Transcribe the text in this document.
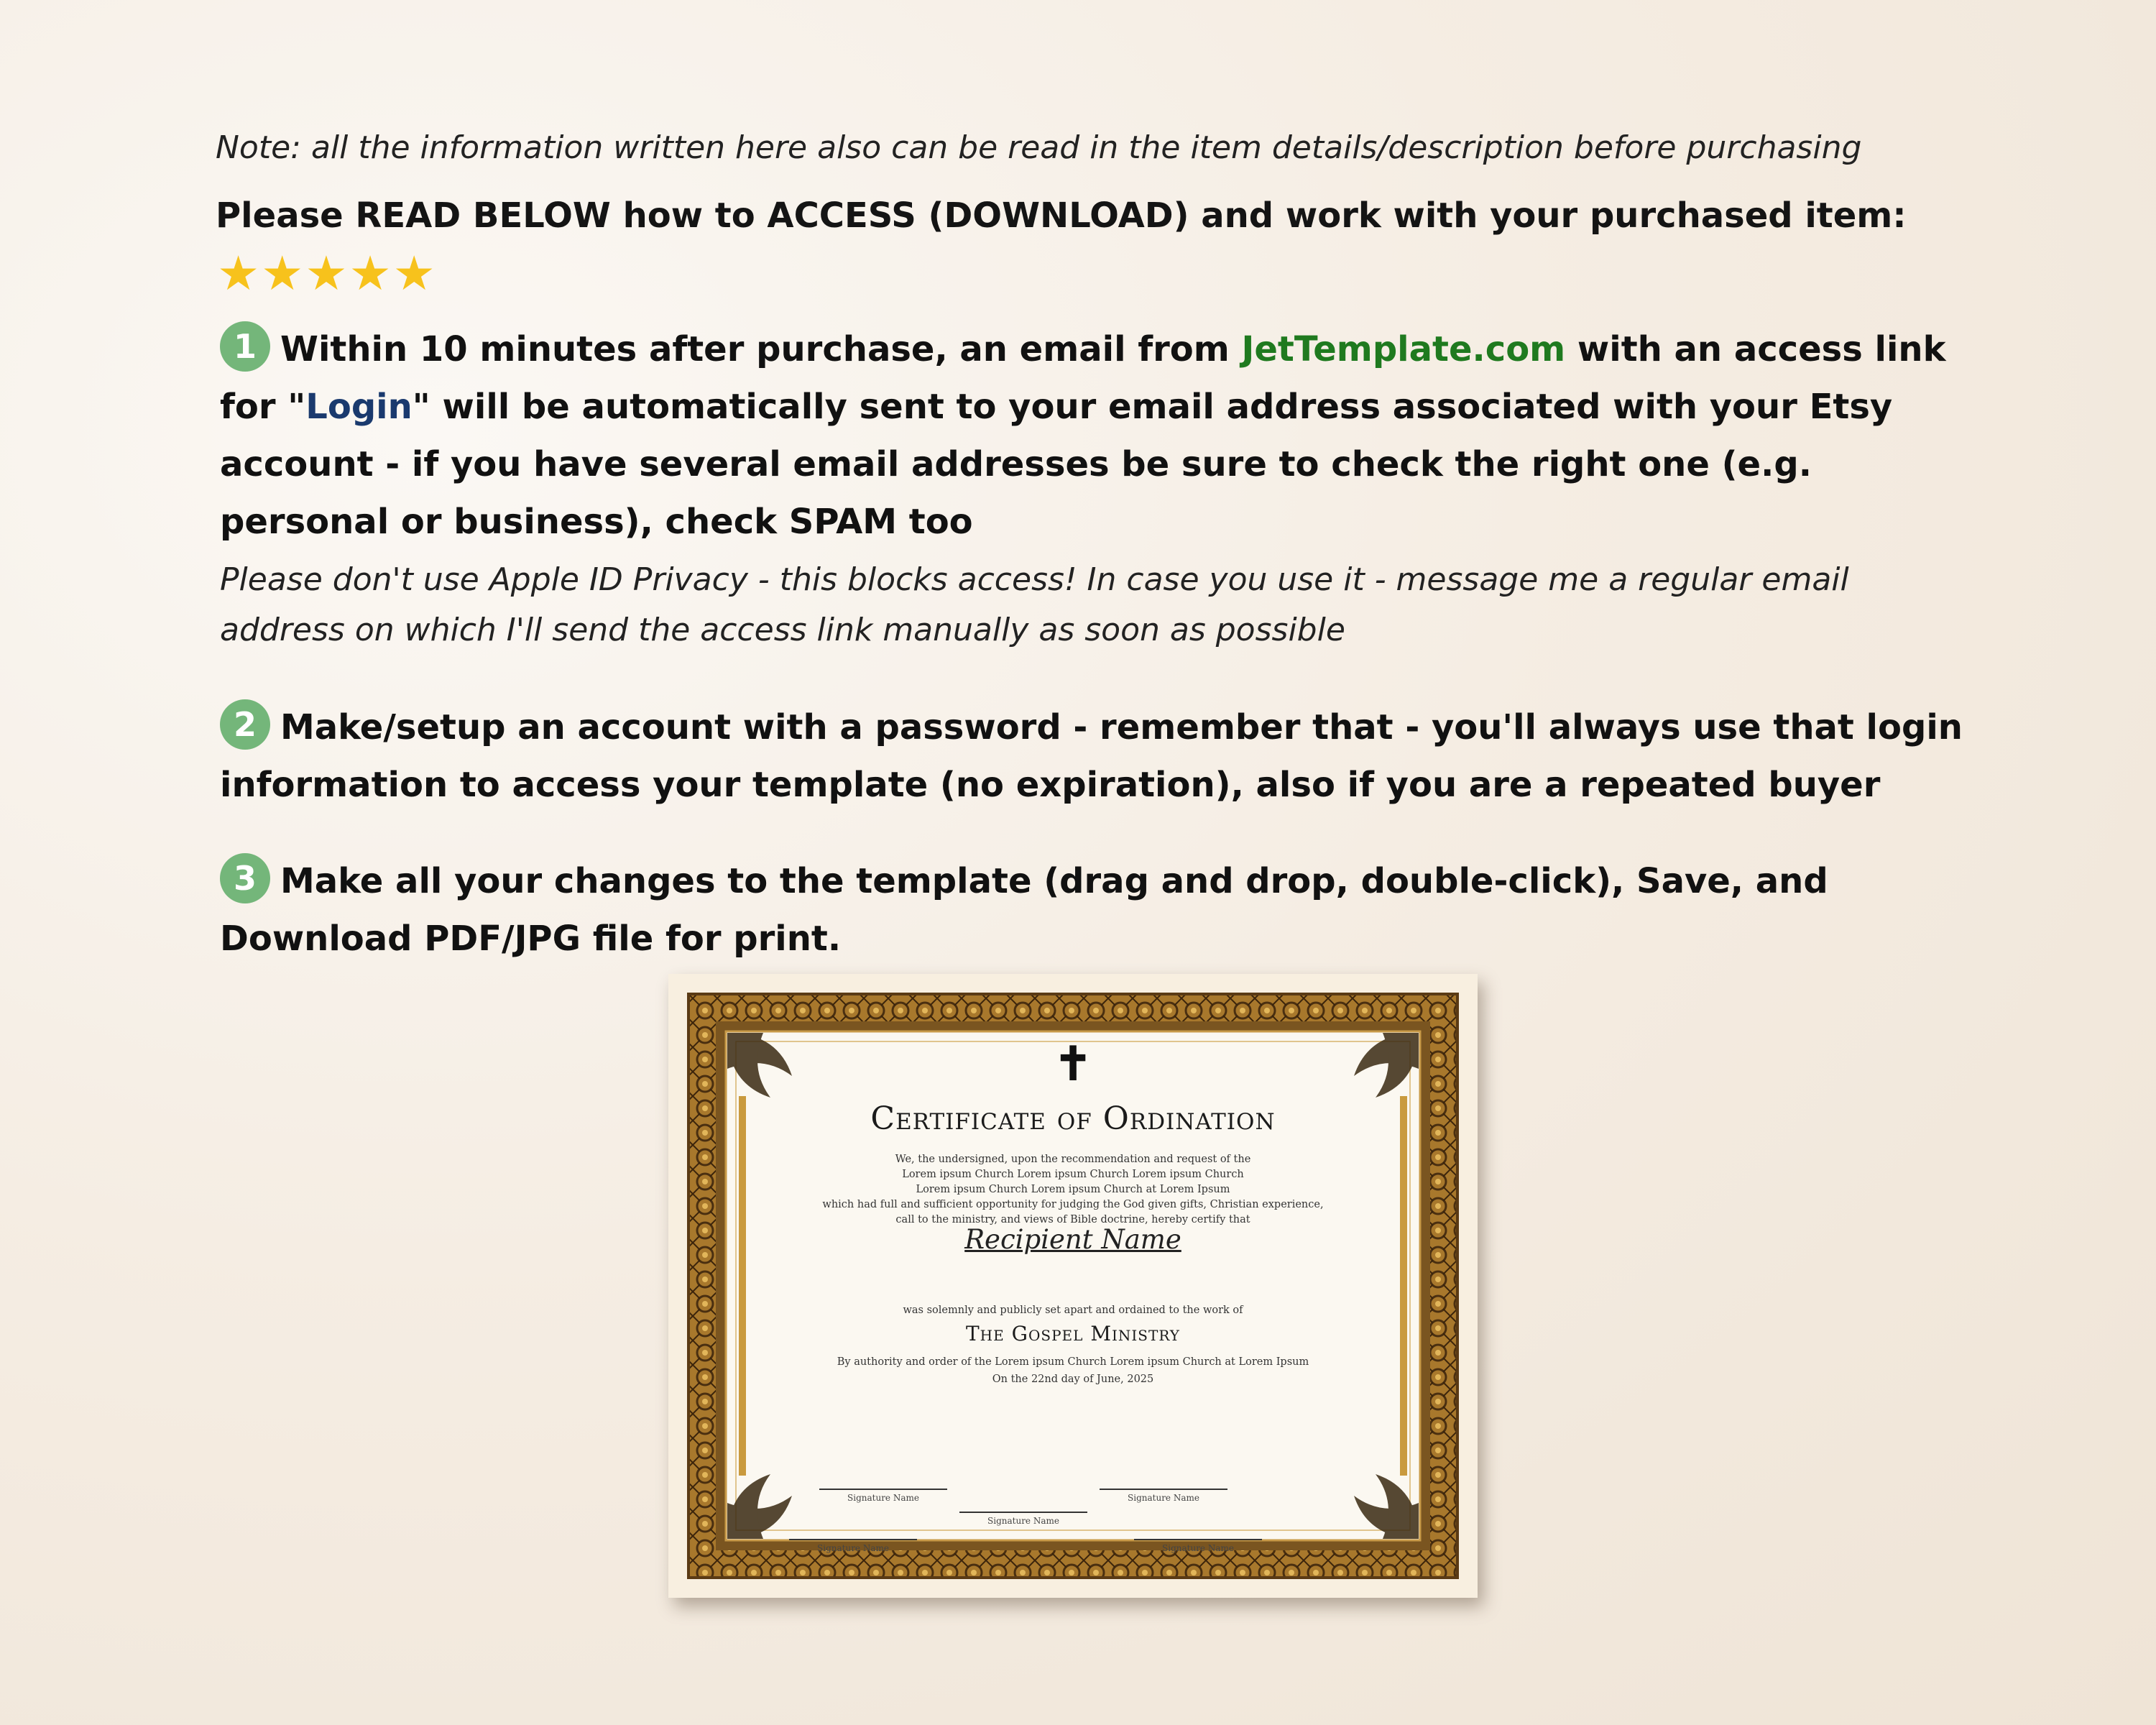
Note: all the information written here also can be read in the item details/description before purchasing
Please READ BELOW how to ACCESS (DOWNLOAD) and work with your purchased item:
★★★★★
1 Within 10 minutes after purchase, an email from JetTemplate.com with an access link for "Login" will be automatically sent to your email address associated with your Etsy account - if you have several email addresses be sure to check the right one (e.g. personal or business), check SPAM too
Please don't use Apple ID Privacy - this blocks access! In case you use it - message me a regular email address on which I'll send the access link manually as soon as possible
2 Make/setup an account with a password - remember that - you'll always use that login information to access your template (no expiration), also if you are a repeated buyer
3 Make all your changes to the template (drag and drop, double-click), Save, and Download PDF/JPG file for print.
✝
Certificate of Ordination
We, the undersigned, upon the recommendation and request of the
Lorem ipsum Church Lorem ipsum Church Lorem ipsum Church
Lorem ipsum Church Lorem ipsum Church at Lorem Ipsum
which had full and sufficient opportunity for judging the God given gifts, Christian experience,
call to the ministry, and views of Bible doctrine, hereby certify that
Recipient Name
was solemnly and publicly set apart and ordained to the work of
The Gospel Ministry
By authority and order of the Lorem ipsum Church Lorem ipsum Church at Lorem Ipsum
On the 22nd day of June, 2025
Signature Name
Signature Name
Signature Name
Signature Name	Signature Name
